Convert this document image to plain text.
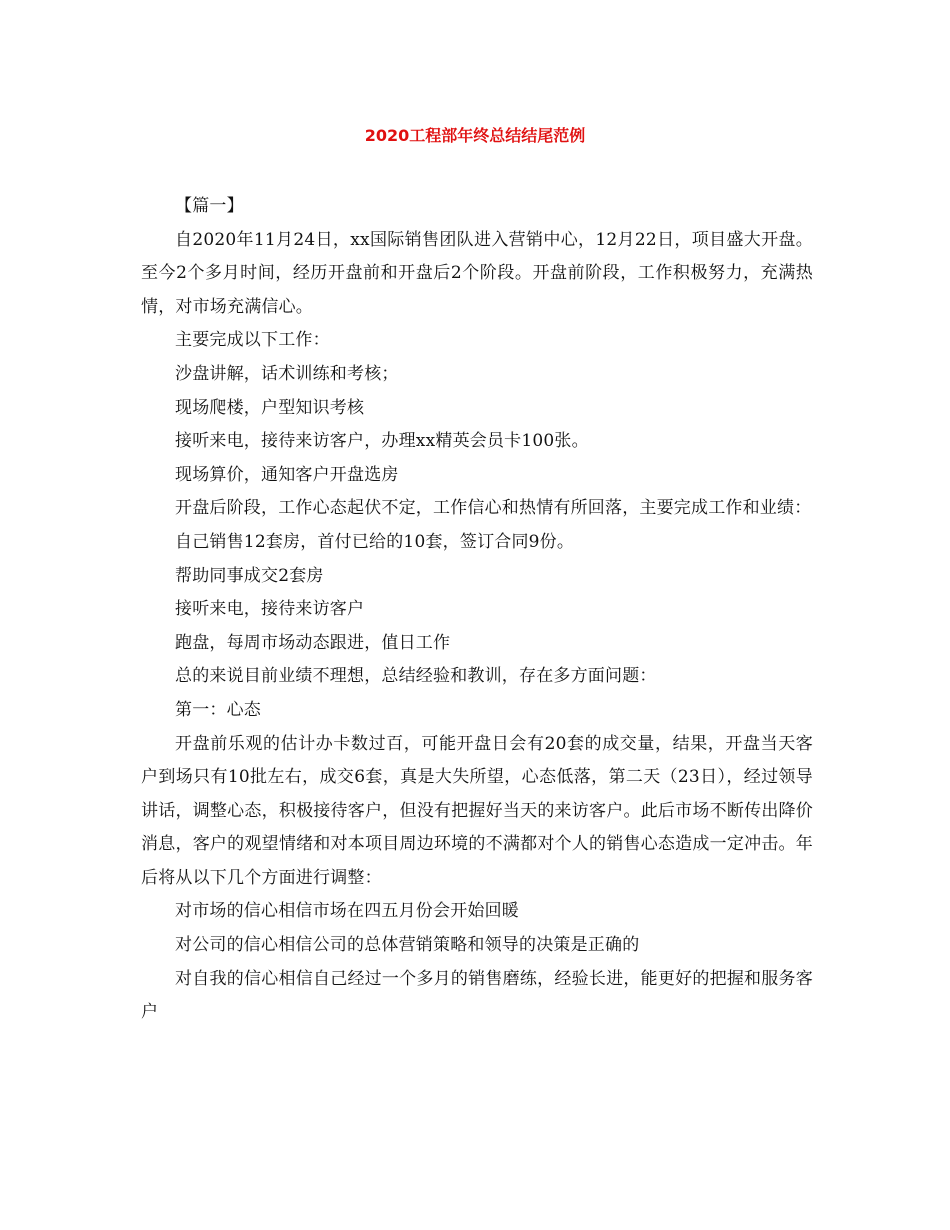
2020工程部年终总结结尾范例

【篇一】

自2020年11月24日，xx国际销售团队进入营销中心，12月22日，项目盛大开盘。至今2个多月时间，经历开盘前和开盘后2个阶段。开盘前阶段，工作积极努力，充满热情，对市场充满信心。

主要完成以下工作：

沙盘讲解，话术训练和考核；

现场爬楼，户型知识考核

接听来电，接待来访客户，办理xx精英会员卡100张。

现场算价，通知客户开盘选房

开盘后阶段，工作心态起伏不定，工作信心和热情有所回落，主要完成工作和业绩：

自己销售12套房，首付已给的10套，签订合同9份。

帮助同事成交2套房

接听来电，接待来访客户

跑盘，每周市场动态跟进，值日工作

总的来说目前业绩不理想，总结经验和教训，存在多方面问题：

第一：心态

开盘前乐观的估计办卡数过百，可能开盘日会有20套的成交量，结果，开盘当天客户到场只有10批左右，成交6套，真是大失所望，心态低落，第二天（23日），经过领导讲话，调整心态，积极接待客户，但没有把握好当天的来访客户。此后市场不断传出降价消息，客户的观望情绪和对本项目周边环境的不满都对个人的销售心态造成一定冲击。年后将从以下几个方面进行调整：

对市场的信心相信市场在四五月份会开始回暖

对公司的信心相信公司的总体营销策略和领导的决策是正确的

对自我的信心相信自己经过一个多月的销售磨练，经验长进，能更好的把握和服务客户
